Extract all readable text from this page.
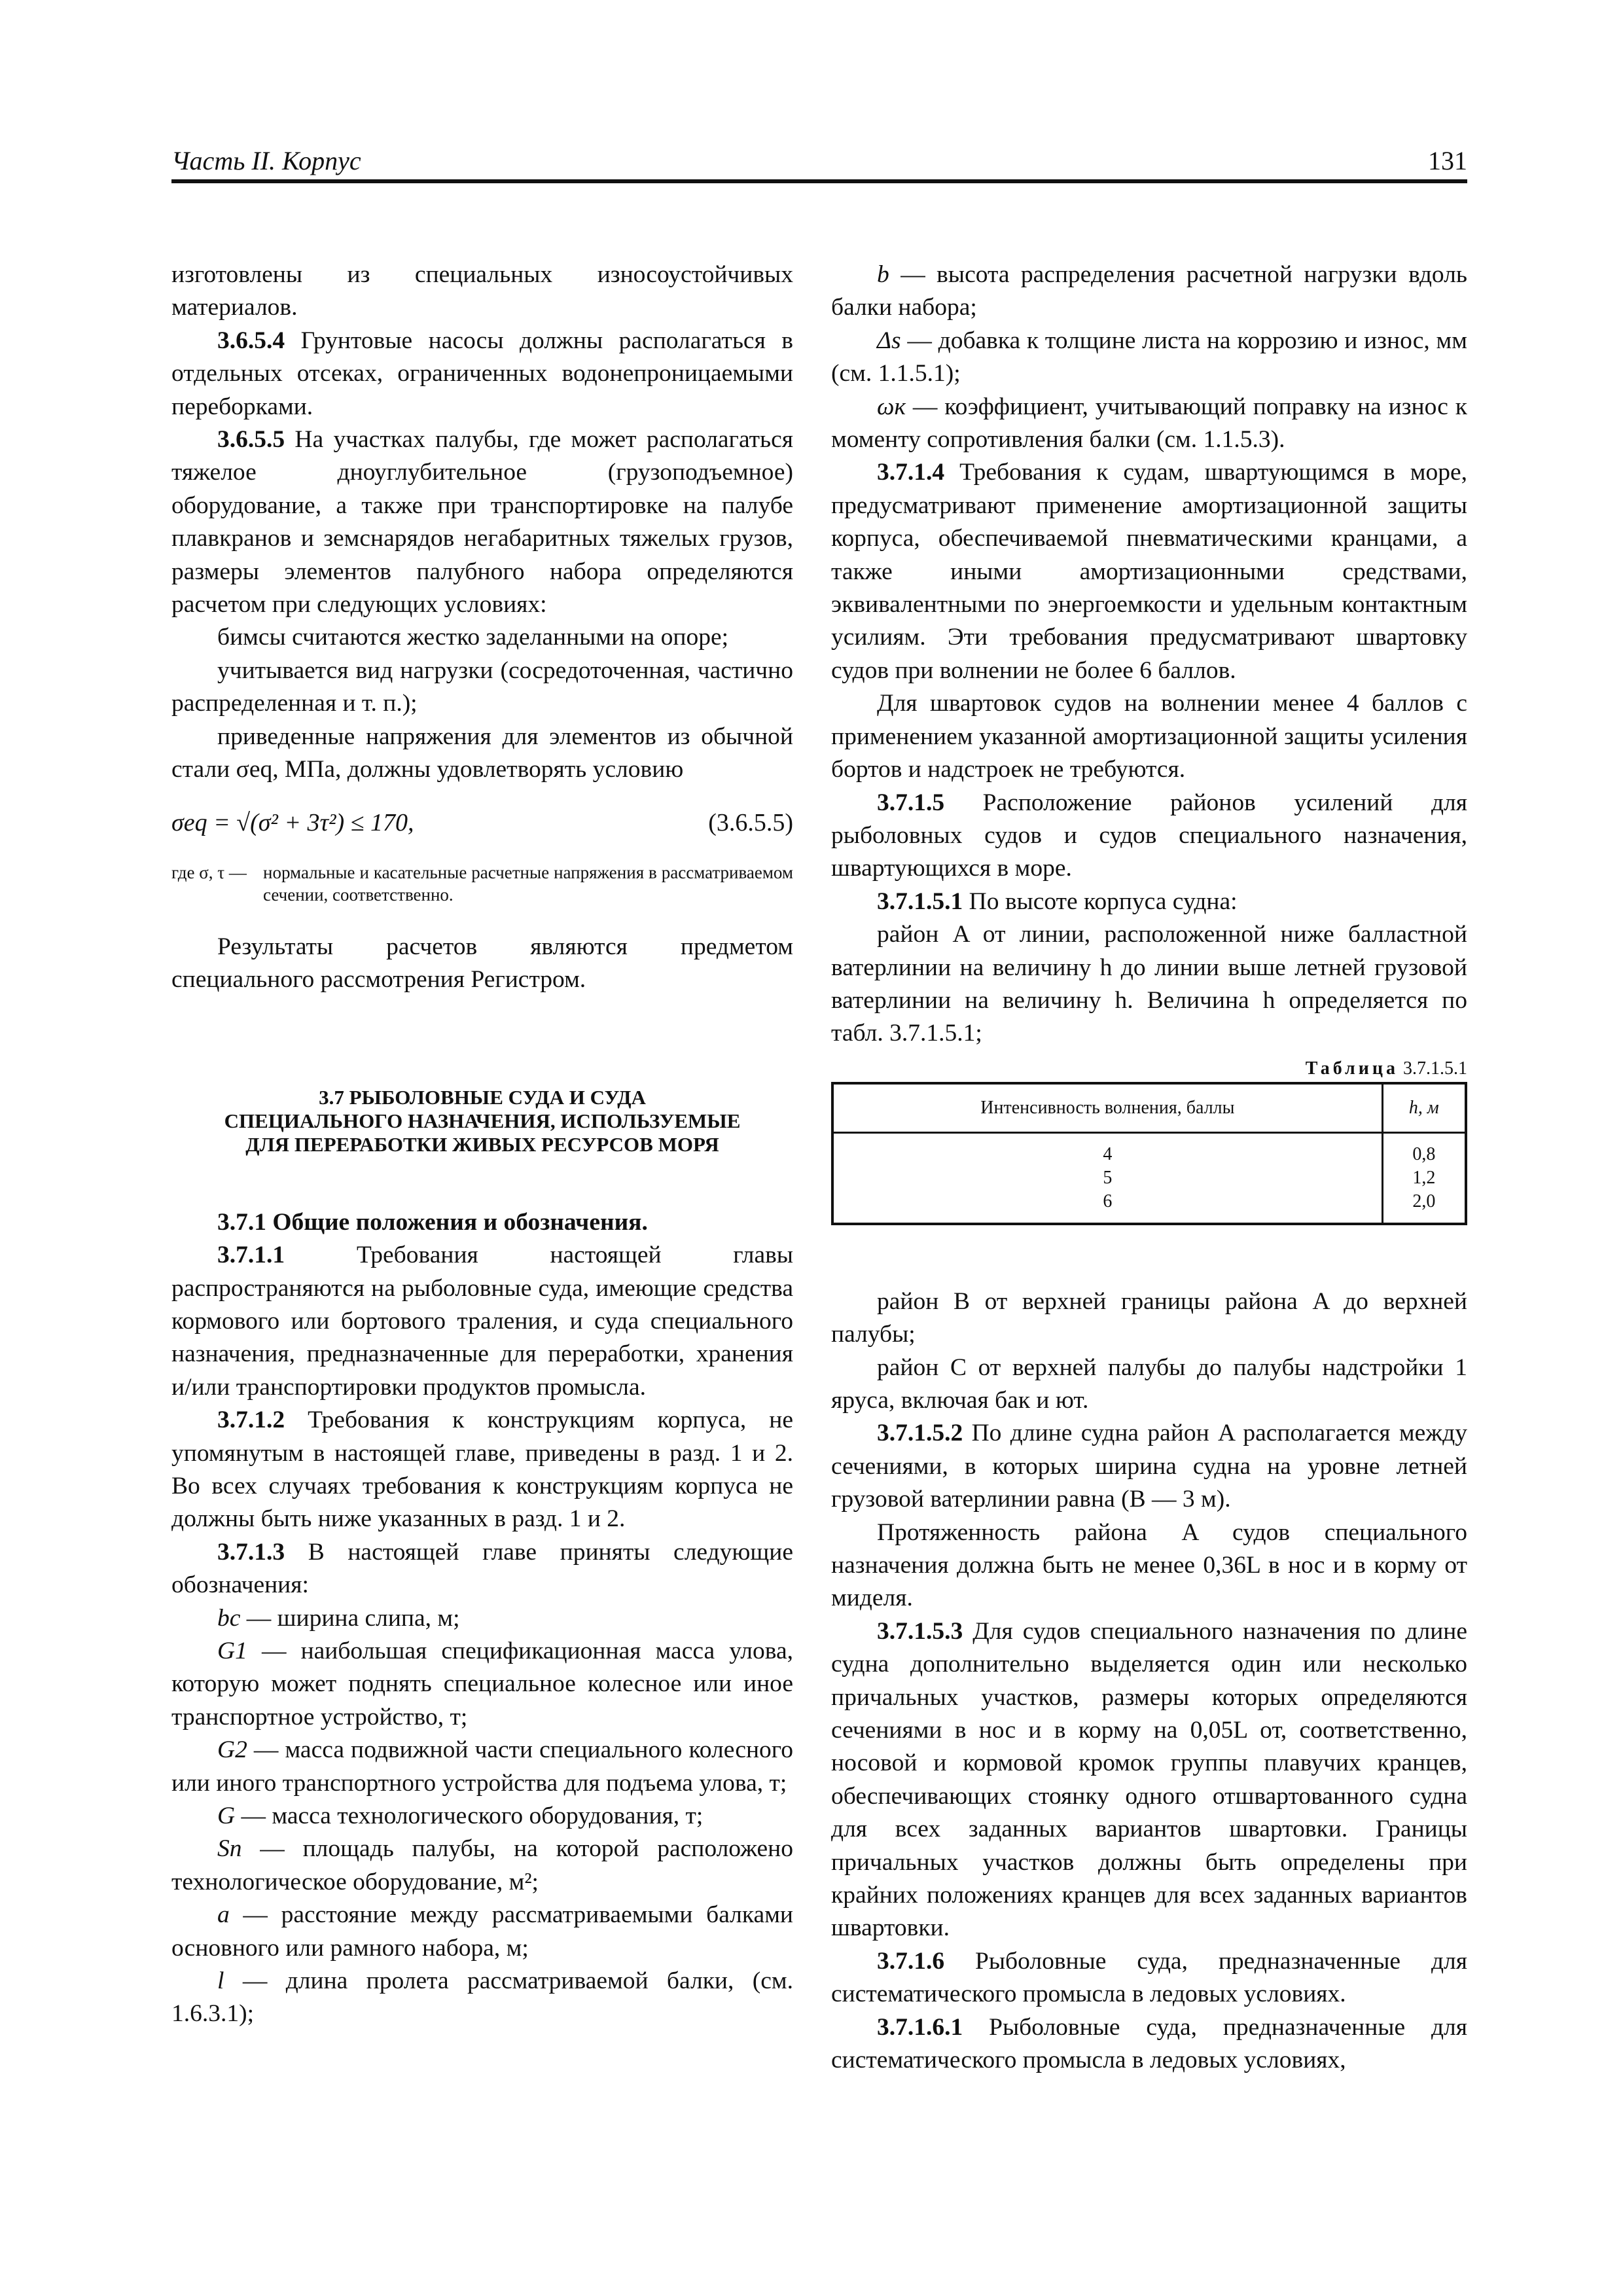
Часть ІІ. Корпус	131

изготовлены из специальных износоустойчивых материалов.

3.6.5.4 Грунтовые насосы должны располагаться в отдельных отсеках, ограниченных водонепроницаемыми переборками.

3.6.5.5 На участках палубы, где может располагаться тяжелое дноуглубительное (грузоподъемное) оборудование, а также при транспортировке на палубе плавкранов и земснарядов негабаритных тяжелых грузов, размеры элементов палубного набора определяются расчетом при следующих условиях:

бимсы считаются жестко заделанными на опоре;

учитывается вид нагрузки (сосредоточенная, частично распределенная и т. п.);

приведенные напряжения для элементов из обычной стали σeq, МПа, должны удовлетворять условию

σeq = √(σ² + 3τ²) ≤ 170,	(3.6.5.5)
где σ, τ — нормальные и касательные расчетные напряжения в рассматриваемом сечении, соответственно.

Результаты расчетов являются предметом специального рассмотрения Регистром.

3.7 РЫБОЛОВНЫЕ СУДА И СУДА
СПЕЦИАЛЬНОГО НАЗНАЧЕНИЯ, ИСПОЛЬЗУЕМЫЕ
ДЛЯ ПЕРЕРАБОТКИ ЖИВЫХ РЕСУРСОВ МОРЯ

3.7.1 Общие положения и обозначения.

3.7.1.1 Требования настоящей главы распространяются на рыболовные суда, имеющие средства кормового или бортового траления, и суда специального назначения, предназначенные для переработки, хранения и/или транспортировки продуктов промысла.

3.7.1.2 Требования к конструкциям корпуса, не упомянутым в настоящей главе, приведены в разд. 1 и 2. Во всех случаях требования к конструкциям корпуса не должны быть ниже указанных в разд. 1 и 2.

3.7.1.3 В настоящей главе приняты следующие обозначения:

bc — ширина слипа, м;

G1 — наибольшая спецификационная масса улова, которую может поднять специальное колесное или иное транспортное устройство, т;

G2 — масса подвижной части специального колесного или иного транспортного устройства для подъема улова, т;

G — масса технологического оборудования, т;

Sп — площадь палубы, на которой расположено технологическое оборудование, м²;

a — расстояние между рассматриваемыми балками основного или рамного набора, м;

l — длина пролета рассматриваемой балки, (см. 1.6.3.1);

b — высота распределения расчетной нагрузки вдоль балки набора;

Δs — добавка к толщине листа на коррозию и износ, мм (см. 1.1.5.1);

ωк — коэффициент, учитывающий поправку на износ к моменту сопротивления балки (см. 1.1.5.3).

3.7.1.4 Требования к судам, швартующимся в море, предусматривают применение амортизационной защиты корпуса, обеспечиваемой пневматическими кранцами, а также иными амортизационными средствами, эквивалентными по энергоемкости и удельным контактным усилиям. Эти требования предусматривают швартовку судов при волнении не более 6 баллов.

Для швартовок судов на волнении менее 4 баллов с применением указанной амортизационной защиты усиления бортов и надстроек не требуются.

3.7.1.5 Расположение районов усилений для рыболовных судов и судов специального назначения, швартующихся в море.

3.7.1.5.1 По высоте корпуса судна:

район A от линии, расположенной ниже балластной ватерлинии на величину h до линии выше летней грузовой ватерлинии на величину h. Величина h определяется по табл. 3.7.1.5.1;

Таблица 3.7.1.5.1
Интенсивность волнения, баллы	h, м
4	0,8
5	1,2
6	2,0

район B от верхней границы района A до верхней палубы;

район C от верхней палубы до палубы надстройки 1 яруса, включая бак и ют.

3.7.1.5.2 По длине судна район A располагается между сечениями, в которых ширина судна на уровне летней грузовой ватерлинии равна (B — 3 м).

Протяженность района A судов специального назначения должна быть не менее 0,36L в нос и в корму от миделя.

3.7.1.5.3 Для судов специального назначения по длине судна дополнительно выделяется один или несколько причальных участков, размеры которых определяются сечениями в нос и в корму на 0,05L от, соответственно, носовой и кормовой кромок группы плавучих кранцев, обеспечивающих стоянку одного отшвартованного судна для всех заданных вариантов швартовки. Границы причальных участков должны быть определены при крайних положениях кранцев для всех заданных вариантов швартовки.

3.7.1.6 Рыболовные суда, предназначенные для систематического промысла в ледовых условиях.

3.7.1.6.1 Рыболовные суда, предназначенные для систематического промысла в ледовых условиях,
